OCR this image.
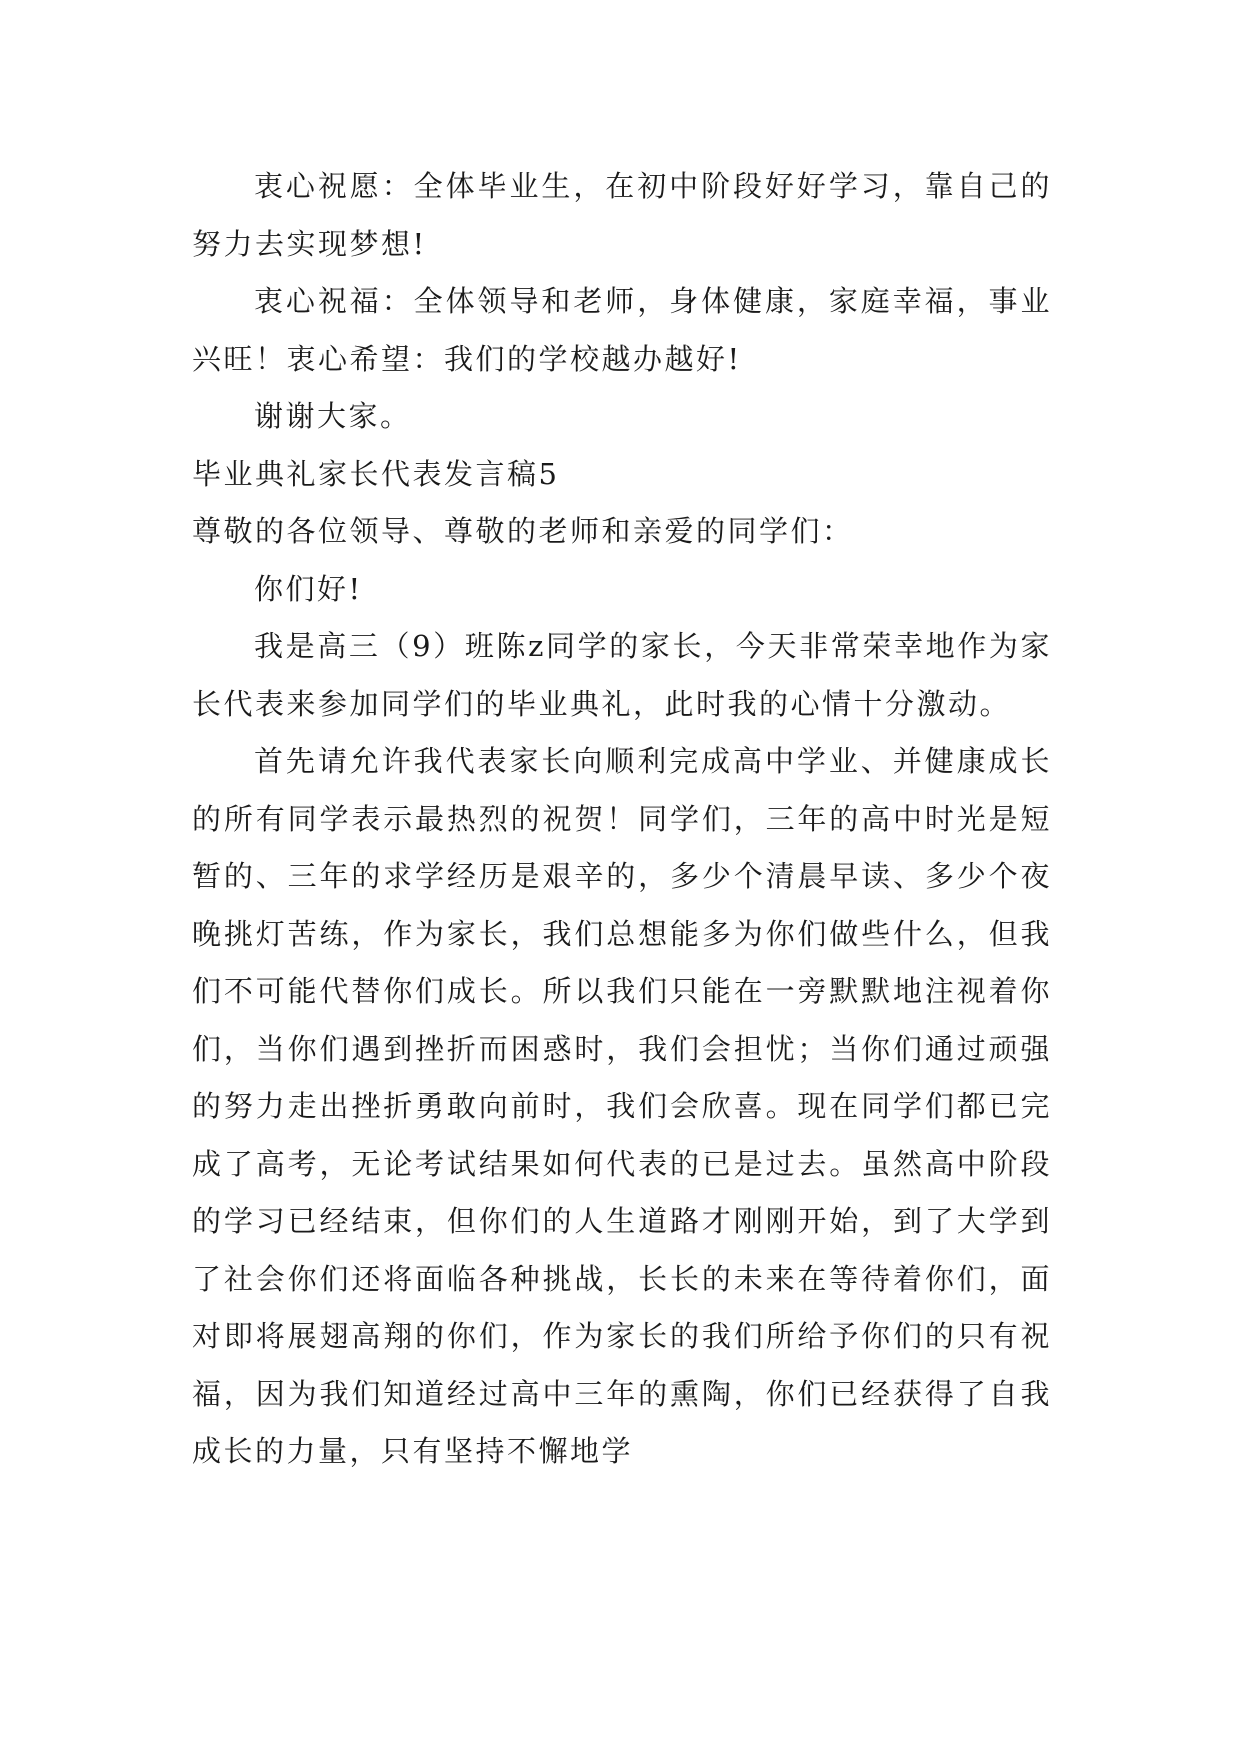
衷心祝愿：全体毕业生，在初中阶段好好学习，靠自己的努力去实现梦想!

衷心祝福：全体领导和老师，身体健康，家庭幸福，事业兴旺！衷心希望：我们的学校越办越好!

谢谢大家。

毕业典礼家长代表发言稿5

尊敬的各位领导、尊敬的老师和亲爱的同学们：

你们好!

我是高三（9）班陈z同学的家长，今天非常荣幸地作为家长代表来参加同学们的毕业典礼，此时我的心情十分激动。

首先请允许我代表家长向顺利完成高中学业、并健康成长的所有同学表示最热烈的祝贺！同学们，三年的高中时光是短暂的、三年的求学经历是艰辛的，多少个清晨早读、多少个夜晚挑灯苦练，作为家长，我们总想能多为你们做些什么，但我们不可能代替你们成长。所以我们只能在一旁默默地注视着你们，当你们遇到挫折而困惑时，我们会担忧；当你们通过顽强的努力走出挫折勇敢向前时，我们会欣喜。现在同学们都已完成了高考，无论考试结果如何代表的已是过去。虽然高中阶段的学习已经结束，但你们的人生道路才刚刚开始，到了大学到了社会你们还将面临各种挑战，长长的未来在等待着你们，面对即将展翅高翔的你们，作为家长的我们所给予你们的只有祝福，因为我们知道经过高中三年的熏陶，你们已经获得了自我成长的力量，只有坚持不懈地学
